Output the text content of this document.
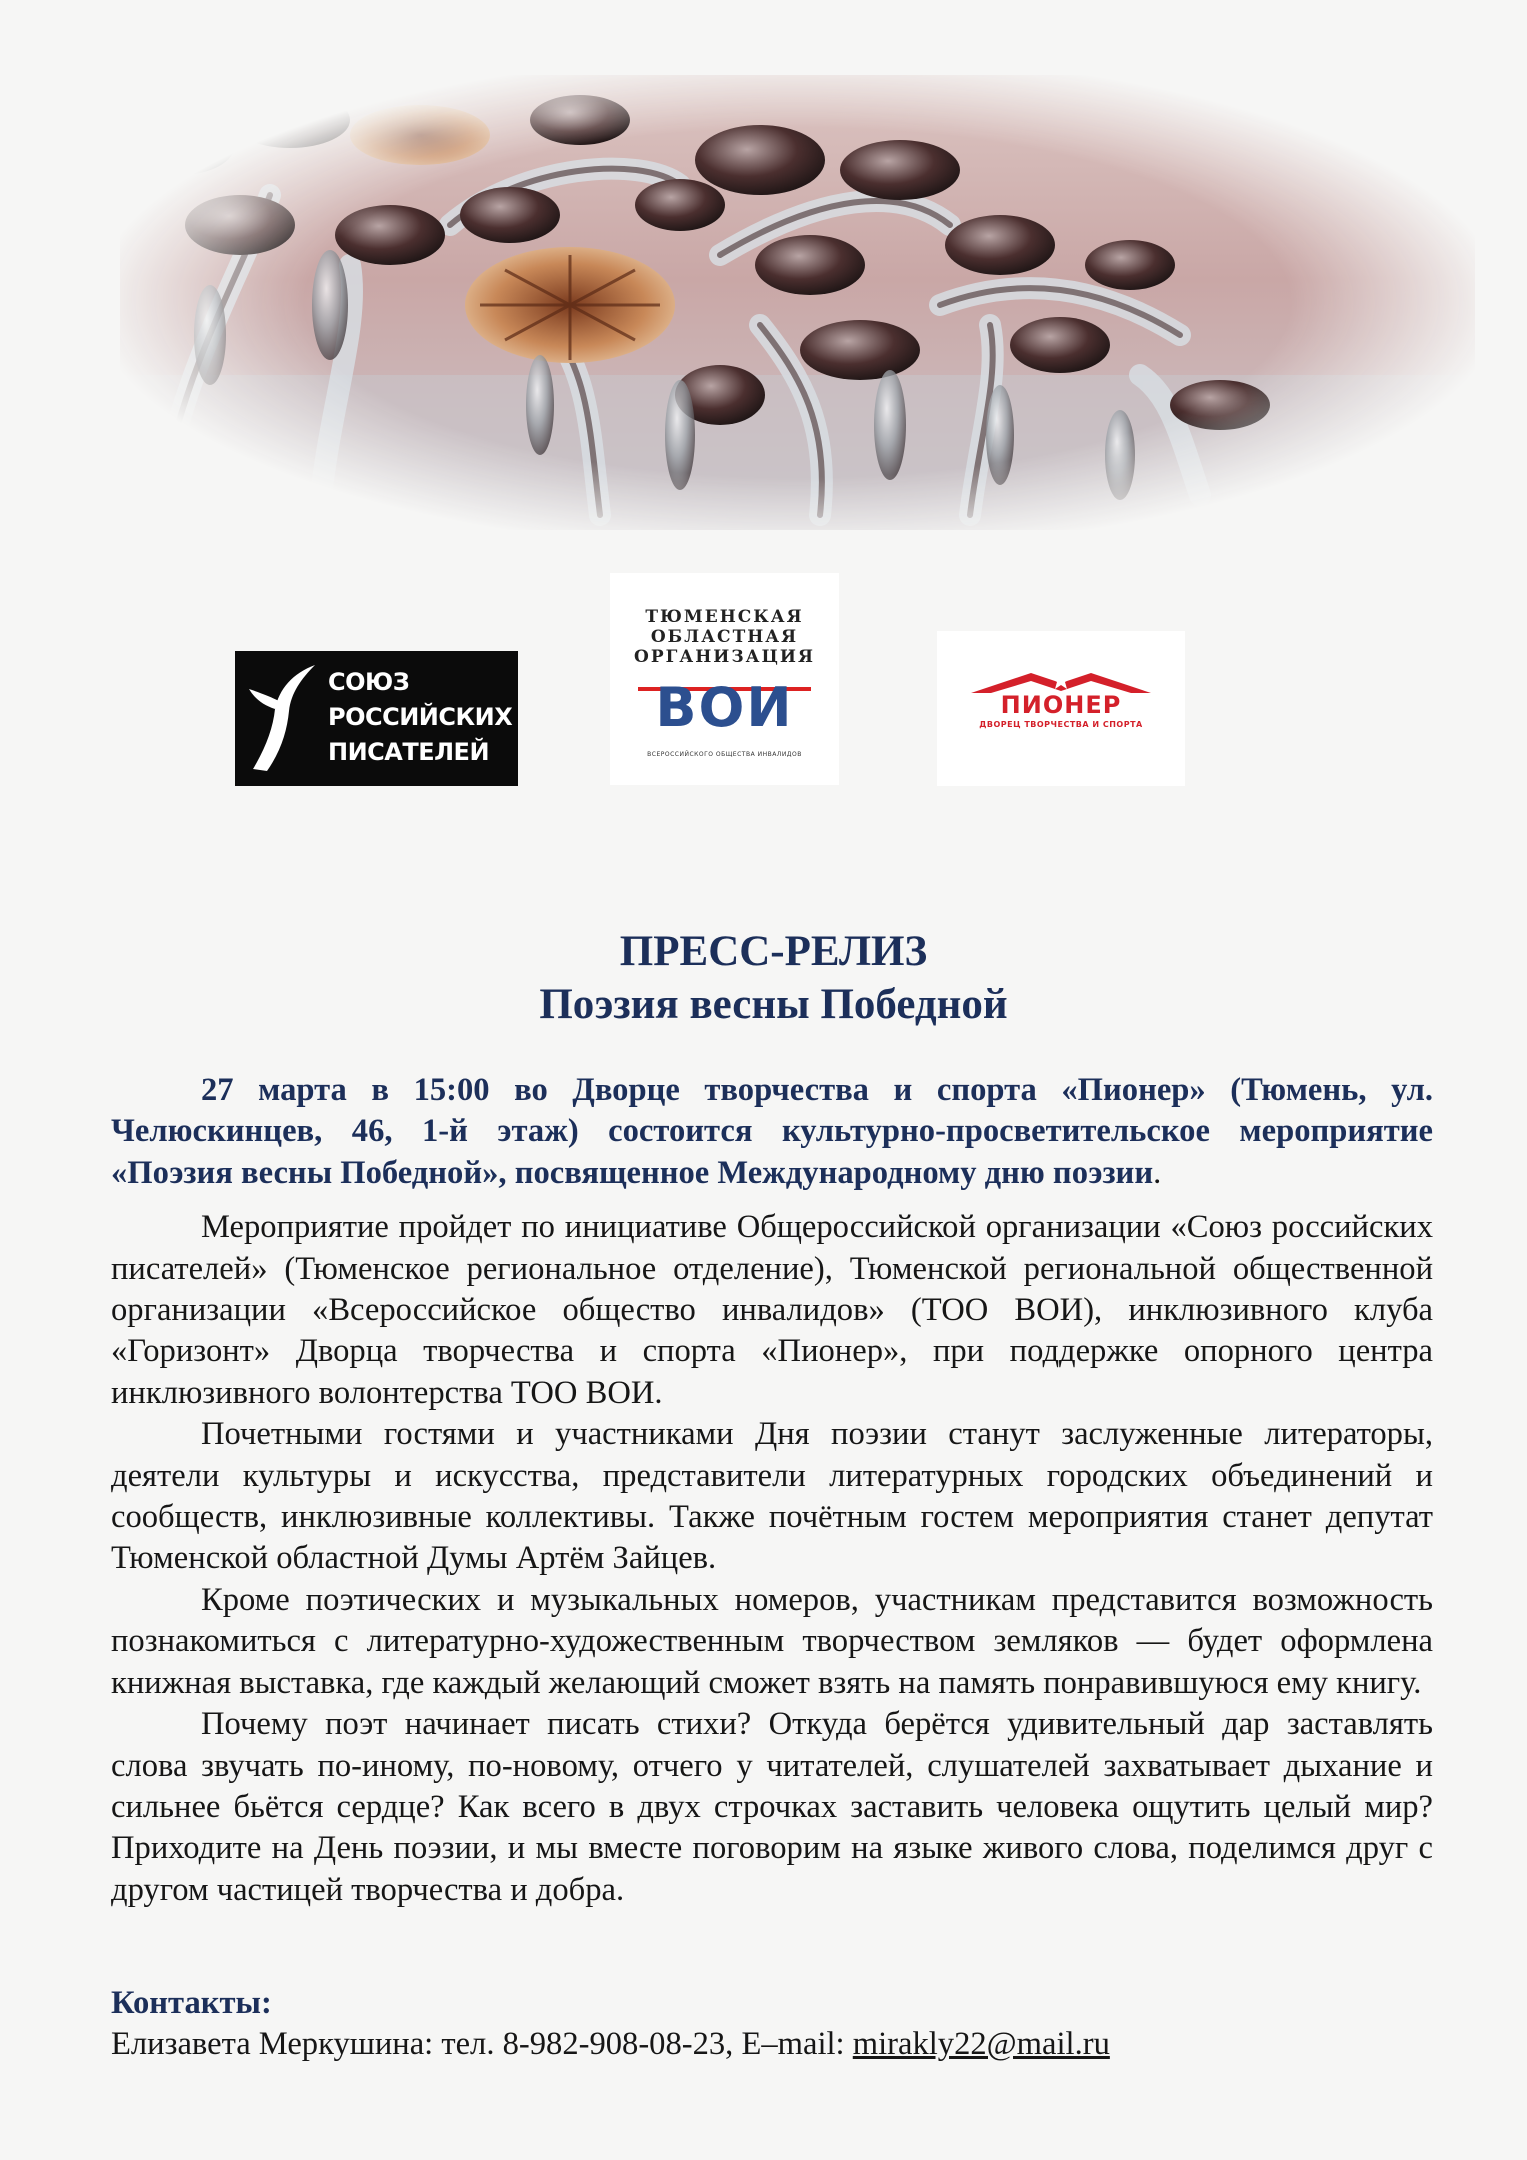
СОЮЗ
РОССИЙСКИХ
ПИСАТЕЛЕЙ
ТЮМЕНСКАЯ
ОБЛАСТНАЯ
ОРГАНИЗАЦИЯ
ВОИ
ВСЕРОССИЙСКОГО ОБЩЕСТВА ИНВАЛИДОВ
ПИОНЕР
ДВОРЕЦ ТВОРЧЕСТВА И СПОРТА
ПРЕСС-РЕЛИЗ
Поэзия весны Победной

27 марта в 15:00 во Дворце творчества и спорта «Пионер» (Тюмень, ул. Челюскинцев, 46, 1-й этаж) состоится культурно-просветительское мероприятие «Поэзия весны Победной», посвященное Международному дню поэзии.

Мероприятие пройдет по инициативе Общероссийской организации «Союз российских писателей» (Тюменское региональное отделение), Тюменской региональной общественной организации «Всероссийское общество инвалидов» (ТОО ВОИ), инклюзивного клуба «Горизонт» Дворца творчества и спорта «Пионер», при поддержке опорного центра инклюзивного волонтерства ТОО ВОИ.

Почетными гостями и участниками Дня поэзии станут заслуженные литераторы, деятели культуры и искусства, представители литературных городских объединений и сообществ, инклюзивные коллективы. Также почётным гостем мероприятия станет депутат Тюменской областной Думы Артём Зайцев.

Кроме поэтических и музыкальных номеров, участникам представится возможность познакомиться с литературно-художественным творчеством земляков — будет оформлена книжная выставка, где каждый желающий сможет взять на память понравившуюся ему книгу.

Почему поэт начинает писать стихи? Откуда берётся удивительный дар заставлять слова звучать по-иному, по-новому, отчего у читателей, слушателей захватывает дыхание и сильнее бьётся сердце? Как всего в двух строчках заставить человека ощутить целый мир? Приходите на День поэзии, и мы вместе поговорим на языке живого слова, поделимся друг с другом частицей творчества и добра.

Контакты:
Елизавета Меркушина: тел. 8-982-908-08-23, E–mail: mirakly22@mail.ru
